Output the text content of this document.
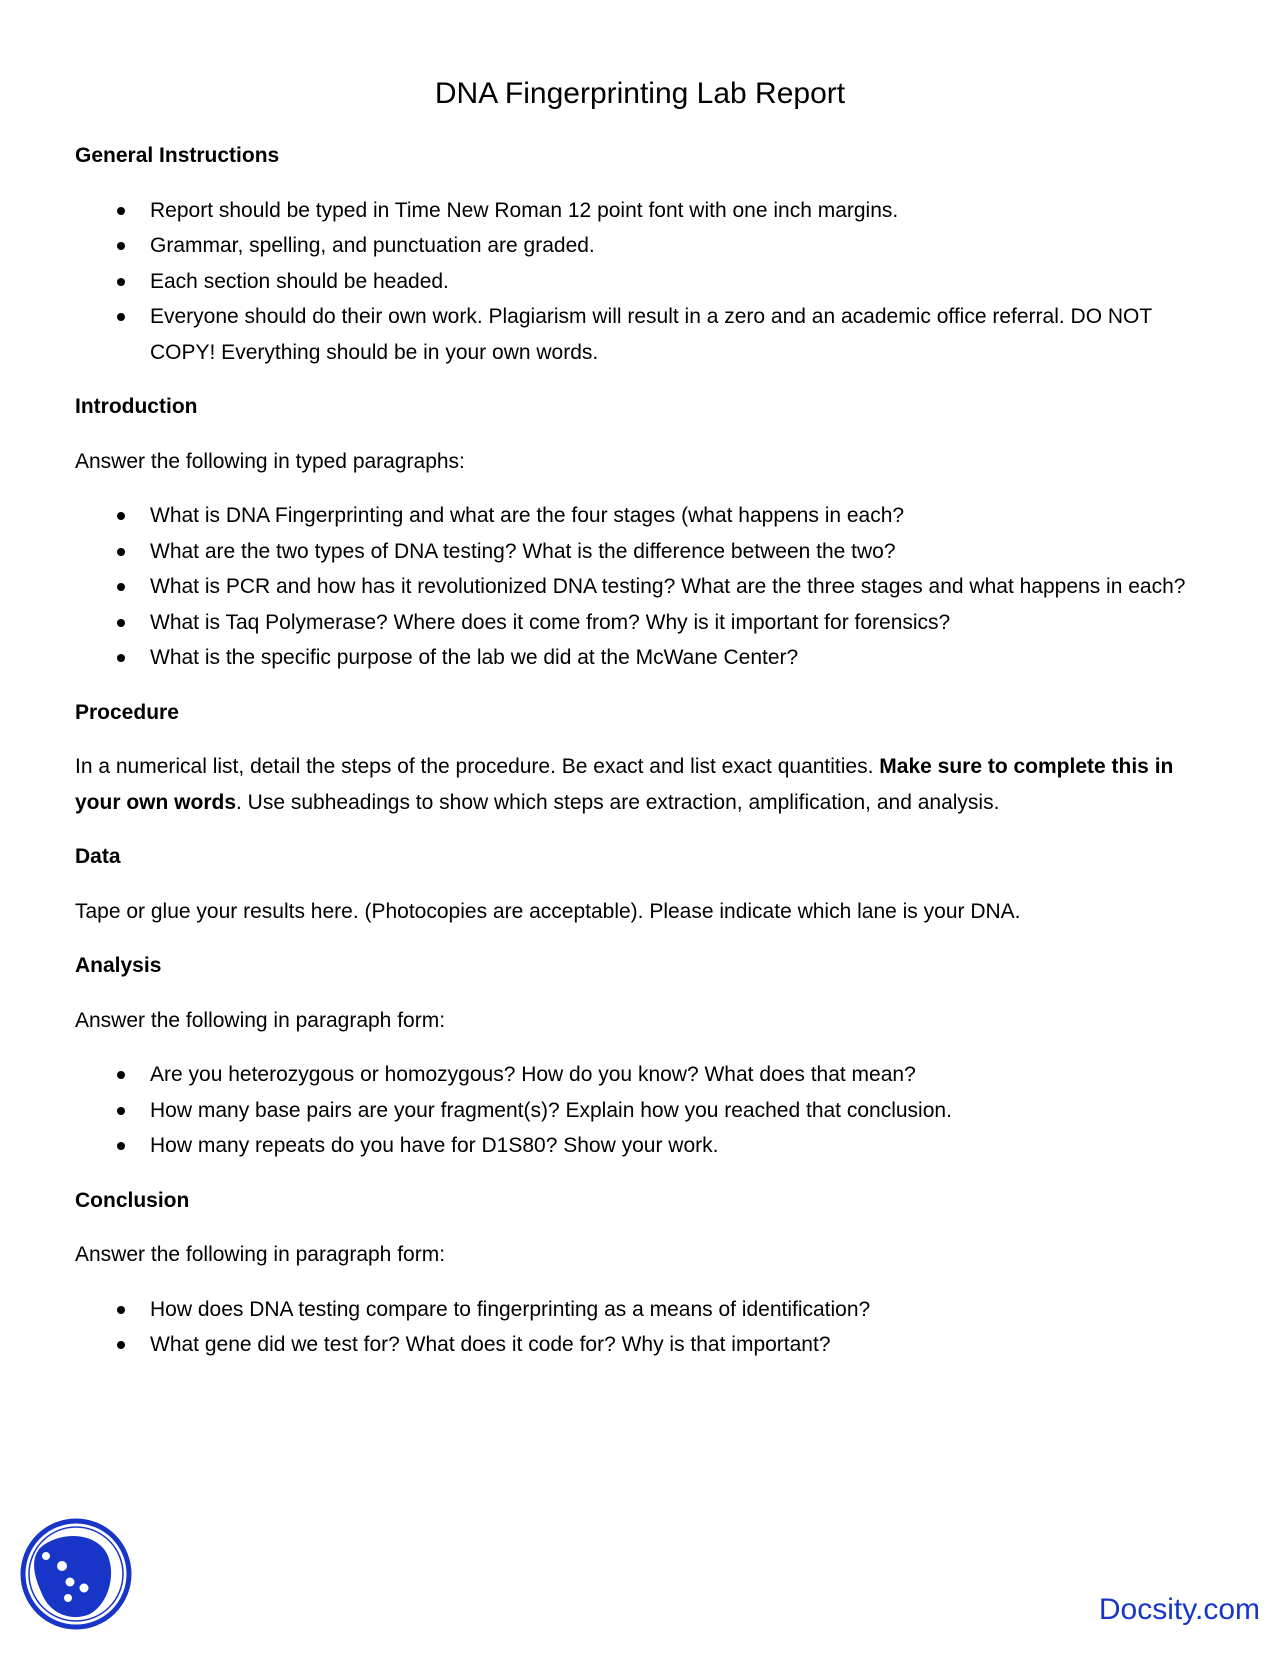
DNA Fingerprinting Lab Report
General Instructions
Report should be typed in Time New Roman 12 point font with one inch margins.
Grammar, spelling, and punctuation are graded.
Each section should be headed.
Everyone should do their own work. Plagiarism will result in a zero and an academic office referral. DO NOT COPY! Everything should be in your own words.
Introduction
Answer the following in typed paragraphs:
What is DNA Fingerprinting and what are the four stages (what happens in each?
What are the two types of DNA testing? What is the difference between the two?
What is PCR and how has it revolutionized DNA testing? What are the three stages and what happens in each?
What is Taq Polymerase? Where does it come from? Why is it important for forensics?
What is the specific purpose of the lab we did at the McWane Center?
Procedure
In a numerical list, detail the steps of the procedure. Be exact and list exact quantities. Make sure to complete this in your own words. Use subheadings to show which steps are extraction, amplification, and analysis.
Data
Tape or glue your results here. (Photocopies are acceptable). Please indicate which lane is your DNA.
Analysis
Answer the following in paragraph form:
Are you heterozygous or homozygous? How do you know? What does that mean?
How many base pairs are your fragment(s)? Explain how you reached that conclusion.
How many repeats do you have for D1S80? Show your work.
Conclusion
Answer the following in paragraph form:
How does DNA testing compare to fingerprinting as a means of identification?
What gene did we test for? What does it code for? Why is that important?
Docsity.com
